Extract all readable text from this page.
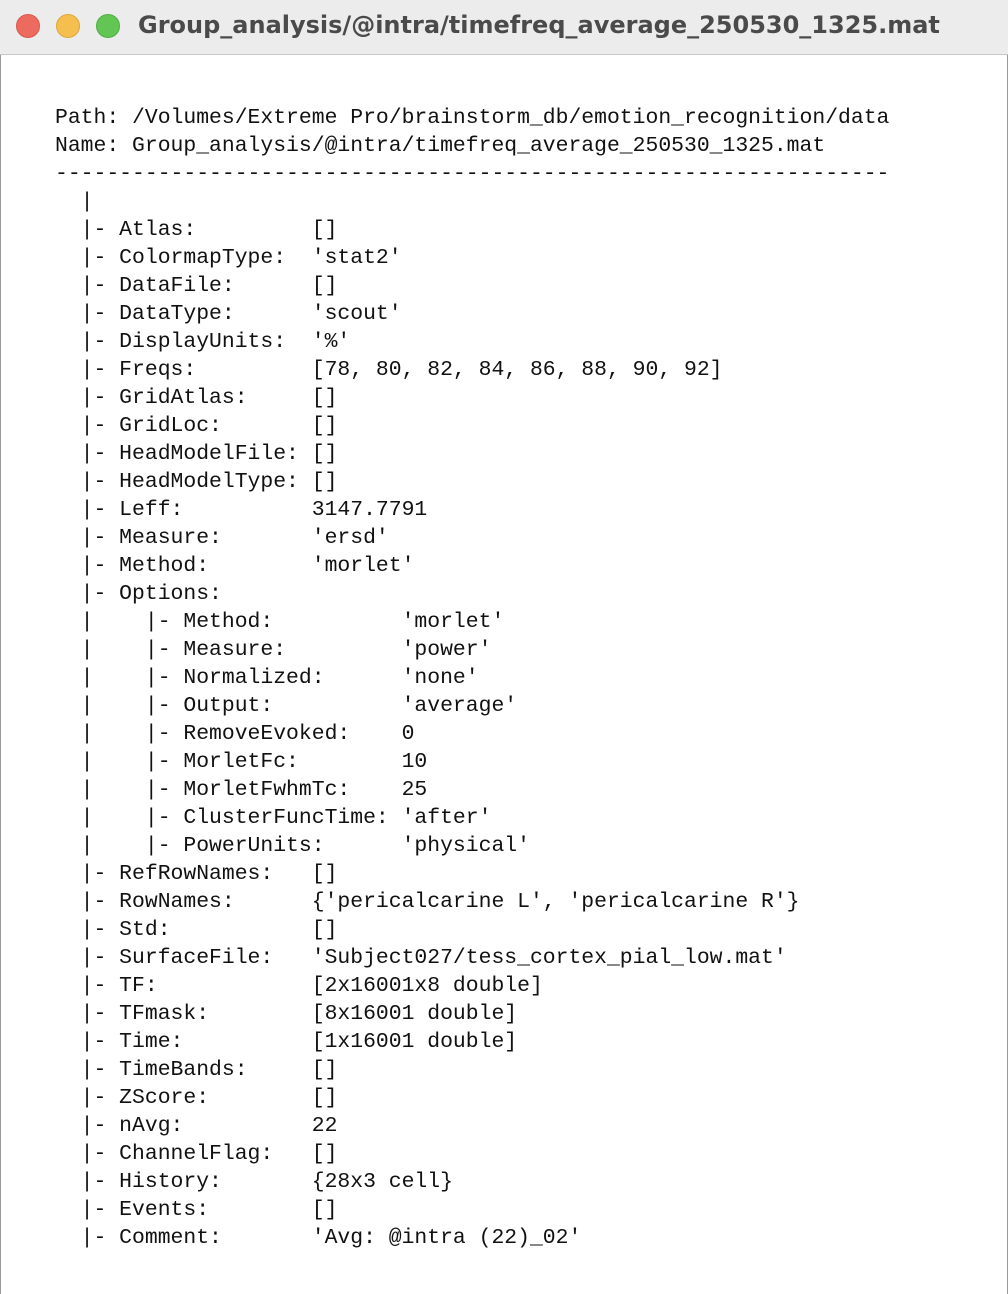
Group_analysis/@intra/timefreq_average_250530_1325.mat
Path: /Volumes/Extreme Pro/brainstorm_db/emotion_recognition/data
Name: Group_analysis/@intra/timefreq_average_250530_1325.mat
-----------------------------------------------------------------
|
|- Atlas:         []
|- ColormapType:  'stat2'
|- DataFile:      []
|- DataType:      'scout'
|- DisplayUnits:  '%'
|- Freqs:         [78, 80, 82, 84, 86, 88, 90, 92]
|- GridAtlas:     []
|- GridLoc:       []
|- HeadModelFile: []
|- HeadModelType: []
|- Leff:          3147.7791
|- Measure:       'ersd'
|- Method:        'morlet'
|- Options:
|    |- Method:          'morlet'
|    |- Measure:         'power'
|    |- Normalized:      'none'
|    |- Output:          'average'
|    |- RemoveEvoked:    0
|    |- MorletFc:        10
|    |- MorletFwhmTc:    25
|    |- ClusterFuncTime: 'after'
|    |- PowerUnits:      'physical'
|- RefRowNames:   []
|- RowNames:      {'pericalcarine L', 'pericalcarine R'}
|- Std:           []
|- SurfaceFile:   'Subject027/tess_cortex_pial_low.mat'
|- TF:            [2x16001x8 double]
|- TFmask:        [8x16001 double]
|- Time:          [1x16001 double]
|- TimeBands:     []
|- ZScore:        []
|- nAvg:          22
|- ChannelFlag:   []
|- History:       {28x3 cell}
|- Events:        []
|- Comment:       'Avg: @intra (22)_02'
